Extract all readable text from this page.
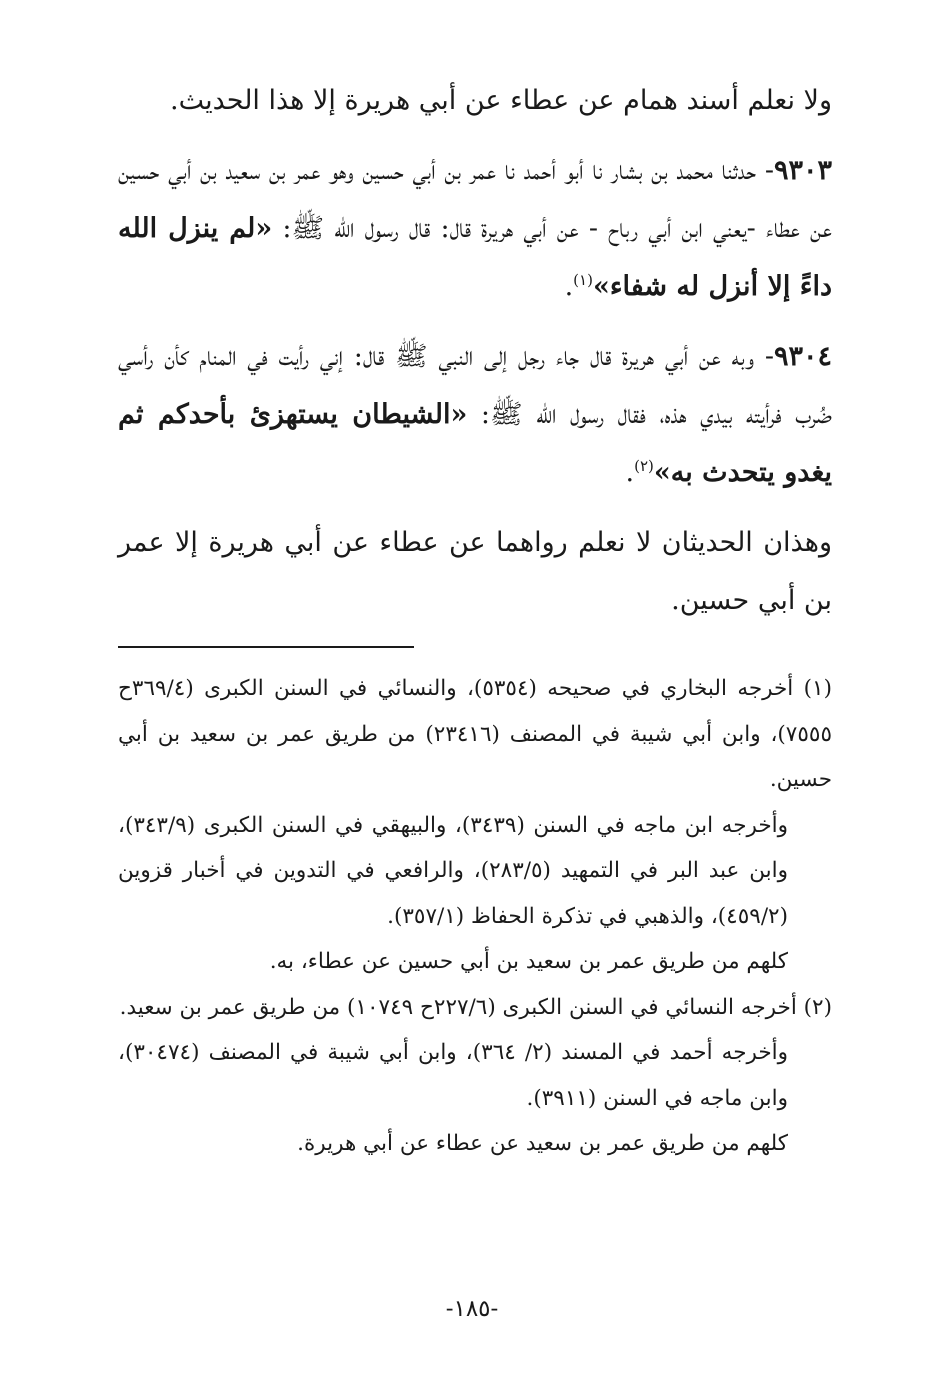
ولا نعلم أسند همام عن عطاء عن أبي هريرة إلا هذا الحديث.

٩٣٠٣- حدثنا محمد بن بشار نا أبو أحمد نا عمر بن أبي حسين وهو عمر بن سعيد بن أبي حسين عن عطاء -يعني ابن أبي رباح - عن أبي هريرة قال: قال رسول الله ﷺ: «لم ينزل الله داءً إلا أنزل له شفاء»$^{(١)}$.

٩٣٠٤- وبه عن أبي هريرة قال جاء رجل إلى النبي ﷺ قال: إني رأيت في المنام كأن رأسي ضُرب فرأيته بيدي هذه، فقال رسول الله ﷺ: «الشيطان يستهزئ بأحدكم ثم يغدو يتحدث به»$^{(٢)}$.

وهذان الحديثان لا نعلم رواهما عن عطاء عن أبي هريرة إلا عمر بن أبي حسين.

(١) أخرجه البخاري في صحيحه (٥٣٥٤)، والنسائي في السنن الكبرى (٣٦٩/٤ح ٧٥٥٥)، وابن أبي شيبة في المصنف (٢٣٤١٦) من طريق عمر بن سعيد بن أبي حسين.

وأخرجه ابن ماجه في السنن (٣٤٣٩)، والبيهقي في السنن الكبرى (٣٤٣/٩)، وابن عبد البر في التمهيد (٢٨٣/٥)، والرافعي في التدوين في أخبار قزوين (٤٥٩/٢)، والذهبي في تذكرة الحفاظ (٣٥٧/١).

كلهم من طريق عمر بن سعيد بن أبي حسين عن عطاء، به.

(٢) أخرجه النسائي في السنن الكبرى (٢٢٧/٦ح ١٠٧٤٩) من طريق عمر بن سعيد.

وأخرجه أحمد في المسند (٢/ ٣٦٤)، وابن أبي شيبة في المصنف (٣٠٤٧٤)، وابن ماجه في السنن (٣٩١١).

كلهم من طريق عمر بن سعيد عن عطاء عن أبي هريرة.

-١٨٥-
